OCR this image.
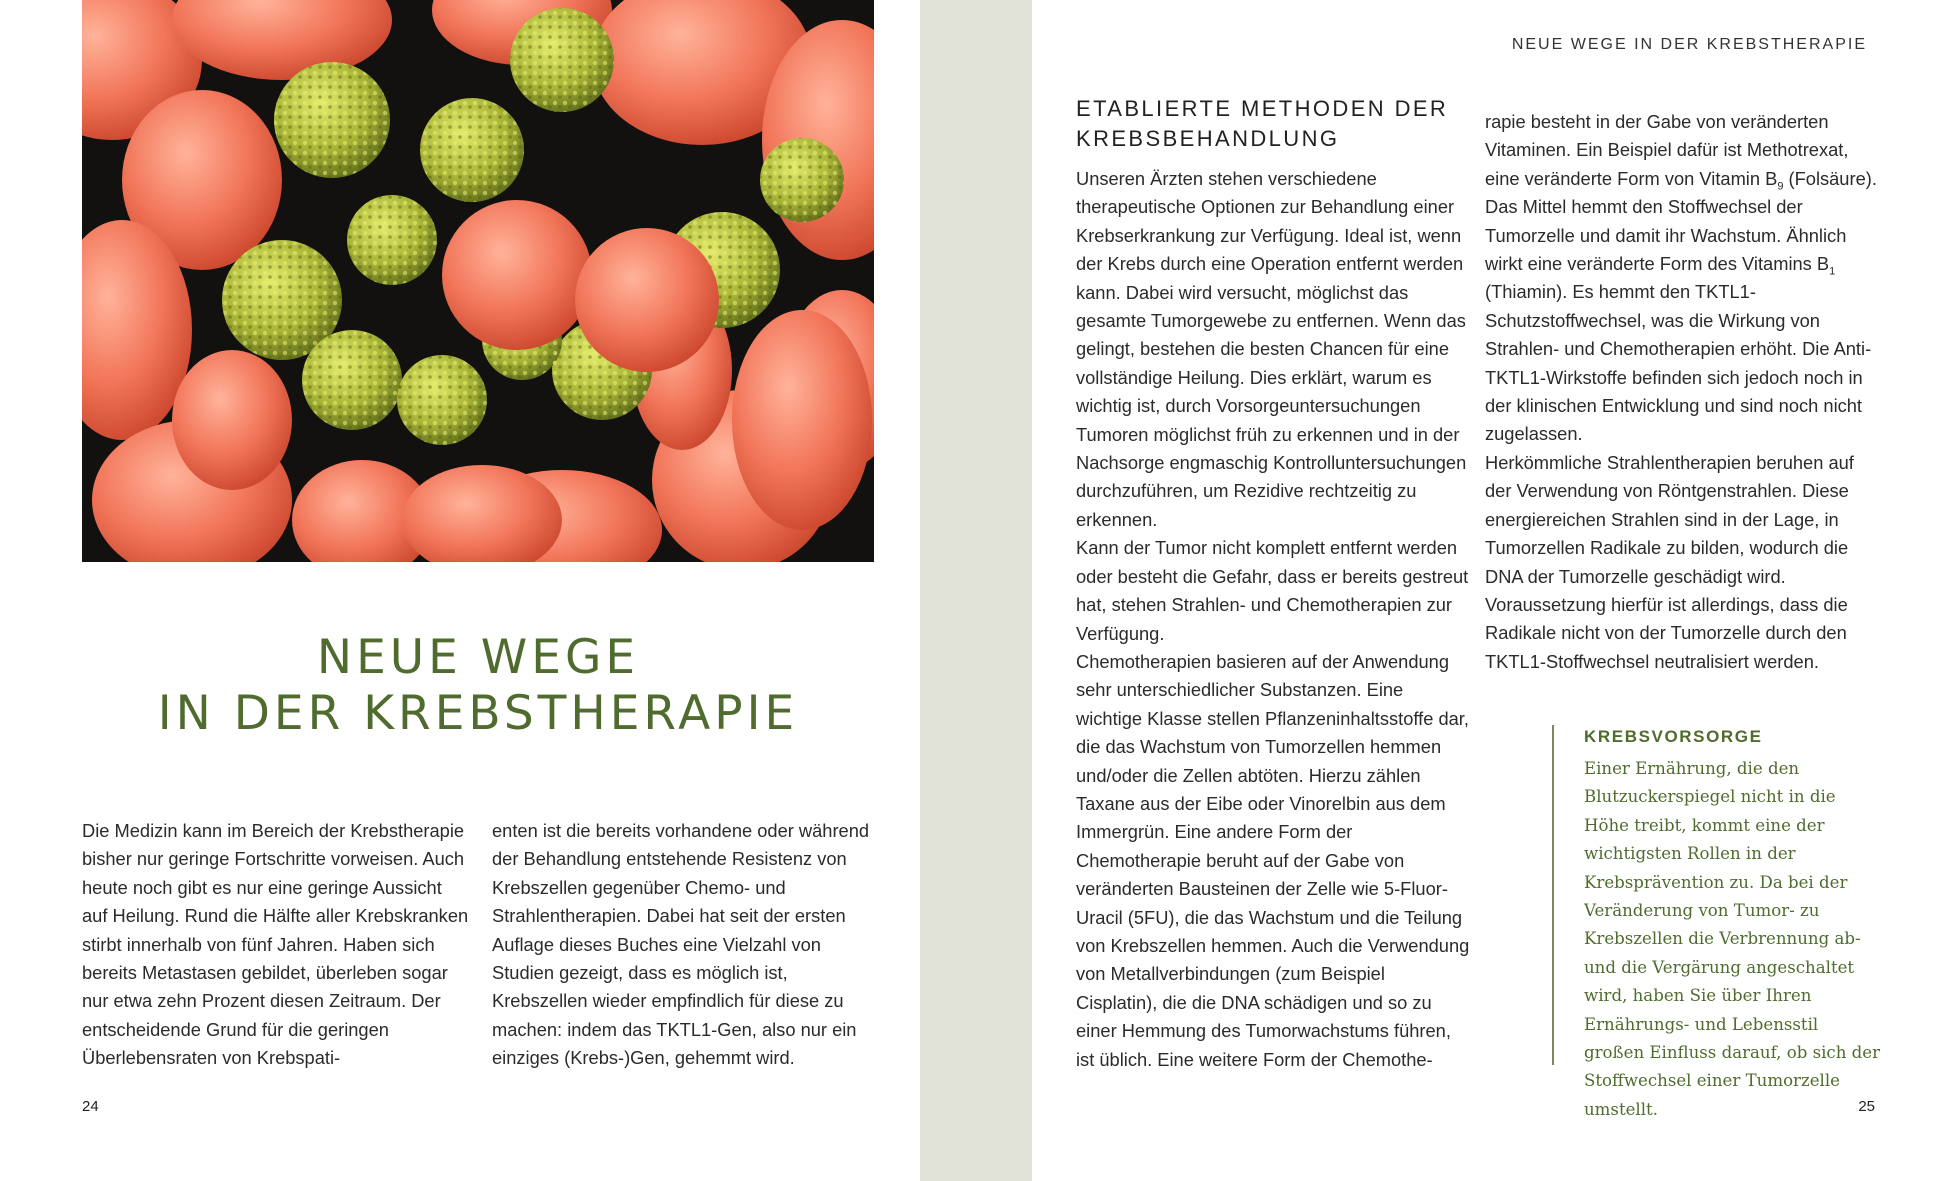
NEUE WEGE
IN DER KREBSTHERAPIE

Die Medizin kann im Bereich der Krebstherapie bisher nur geringe Fortschritte vorweisen. Auch heute noch gibt es nur eine geringe Aussicht auf Heilung. Rund die Hälfte aller Krebskranken stirbt innerhalb von fünf Jahren. Haben sich bereits Metastasen gebildet, überleben sogar nur etwa zehn Prozent diesen Zeitraum. Der entscheidende Grund für die geringen Überlebensraten von Krebspati-

enten ist die bereits vorhandene oder während der Behandlung entstehende Resistenz von Krebszellen gegenüber Chemo- und Strahlentherapien. Dabei hat seit der ersten Auflage dieses Buches eine Vielzahl von Studien gezeigt, dass es möglich ist, Krebszellen wieder empfindlich für diese zu machen: indem das TKTL1-Gen, also nur ein einziges (Krebs-)Gen, gehemmt wird.

24
NEUE WEGE IN DER KREBSTHERAPIE
ETABLIERTE METHODEN DER
KREBSBEHANDLUNG

Unseren Ärzten stehen verschiedene therapeutische Optionen zur Behandlung einer Krebserkrankung zur Verfügung. Ideal ist, wenn der Krebs durch eine Operation entfernt werden kann. Dabei wird versucht, möglichst das gesamte Tumorgewebe zu entfernen. Wenn das gelingt, bestehen die besten Chancen für eine vollständige Heilung. Dies erklärt, warum es wichtig ist, durch Vorsorgeuntersuchungen Tumoren möglichst früh zu erkennen und in der Nachsorge engmaschig Kontrolluntersuchungen durchzuführen, um Rezidive rechtzeitig zu erkennen.

Kann der Tumor nicht komplett entfernt werden oder besteht die Gefahr, dass er bereits gestreut hat, stehen Strahlen- und Chemotherapien zur Verfügung.

Chemotherapien basieren auf der Anwendung sehr unterschiedlicher Substanzen. Eine wichtige Klasse stellen Pflanzeninhaltsstoffe dar, die das Wachstum von Tumorzellen hemmen und/oder die Zellen abtöten. Hierzu zählen Taxane aus der Eibe oder Vinorelbin aus dem Immergrün. Eine andere Form der Chemotherapie beruht auf der Gabe von veränderten Bausteinen der Zelle wie 5-Fluor-Uracil (5FU), die das Wachstum und die Teilung von Krebszellen hemmen. Auch die Verwendung von Metallverbindungen (zum Beispiel Cisplatin), die die DNA schädigen und so zu einer Hemmung des Tumorwachstums führen, ist üblich. Eine weitere Form der Chemothe-

rapie besteht in der Gabe von veränderten Vitaminen. Ein Beispiel dafür ist Methotrexat, eine veränderte Form von Vitamin $B_9$ (Folsäure). Das Mittel hemmt den Stoffwechsel der Tumorzelle und damit ihr Wachstum. Ähnlich wirkt eine veränderte Form des Vitamins $B_1$ (Thiamin). Es hemmt den TKTL1-Schutzstoffwechsel, was die Wirkung von Strahlen- und Chemotherapien erhöht. Die Anti-TKTL1-Wirkstoffe befinden sich jedoch noch in der klinischen Entwicklung und sind noch nicht zugelassen.

Herkömmliche Strahlentherapien beruhen auf der Verwendung von Röntgenstrahlen. Diese energiereichen Strahlen sind in der Lage, in Tumorzellen Radikale zu bilden, wodurch die DNA der Tumorzelle geschädigt wird. Voraussetzung hierfür ist allerdings, dass die Radikale nicht von der Tumorzelle durch den TKTL1-Stoffwechsel neutralisiert werden.

KREBSVORSORGE

Einer Ernährung, die den Blutzuckerspiegel nicht in die Höhe treibt, kommt eine der wichtigsten Rollen in der Krebsprävention zu. Da bei der Veränderung von Tumor- zu Krebszellen die Verbrennung ab- und die Vergärung angeschaltet wird, haben Sie über Ihren Ernährungs- und Lebensstil großen Einfluss darauf, ob sich der Stoffwechsel einer Tumorzelle umstellt.	25
